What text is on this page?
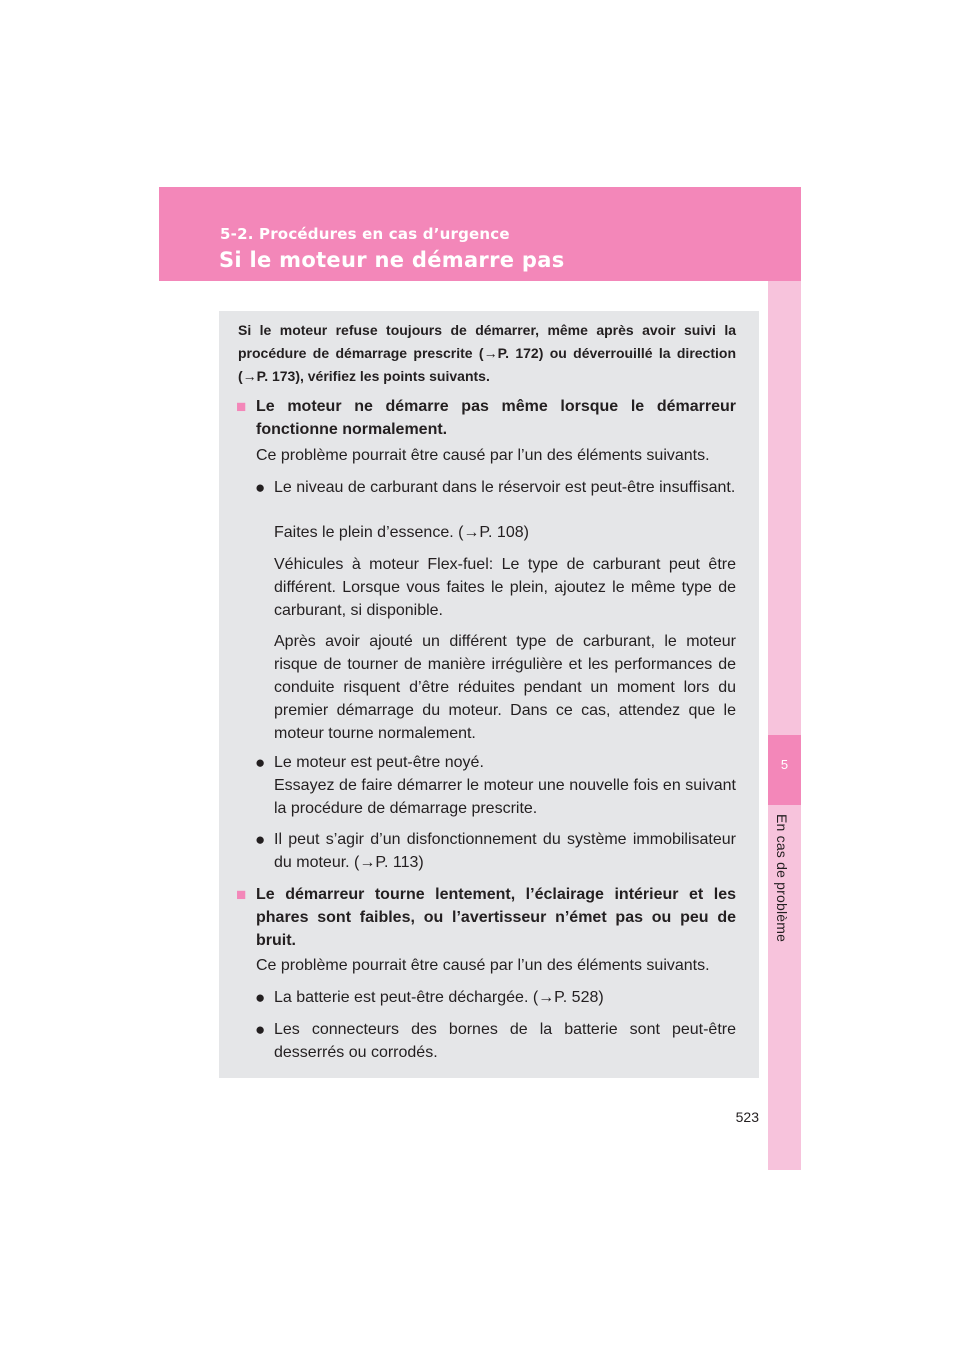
5-2. Procédures en cas d’urgence
Si le moteur ne démarre pas
5
En cas de problème
Si le moteur refuse toujours de démarrer, même après avoir suivi la procédure de démarrage prescrite (→P. 172) ou déverrouillé la direction (→P. 173), vérifiez les points suivants.
■ Le moteur ne démarre pas même lorsque le démarreur fonctionne normalement.
Ce problème pourrait être causé par l’un des éléments suivants.
● Le niveau de carburant dans le réservoir est peut-être insuffisant.
Faites le plein d’essence. (→P. 108)
Véhicules à moteur Flex-fuel: Le type de carburant peut être différent. Lorsque vous faites le plein, ajoutez le même type de carburant, si disponible.
Après avoir ajouté un différent type de carburant, le moteur risque de tourner de manière irrégulière et les performances de conduite risquent d’être réduites pendant un moment lors du premier démarrage du moteur. Dans ce cas, attendez que le moteur tourne normalement.
● Le moteur est peut-être noyé.
Essayez de faire démarrer le moteur une nouvelle fois en suivant la procédure de démarrage prescrite.
● Il peut s’agir d’un disfonctionnement du système immobilisateur du moteur. (→P. 113)
■ Le démarreur tourne lentement, l’éclairage intérieur et les phares sont faibles, ou l’avertisseur n’émet pas ou peu de bruit.
Ce problème pourrait être causé par l’un des éléments suivants.
● La batterie est peut-être déchargée. (→P. 528)
● Les connecteurs des bornes de la batterie sont peut-être desserrés ou corrodés.
523
